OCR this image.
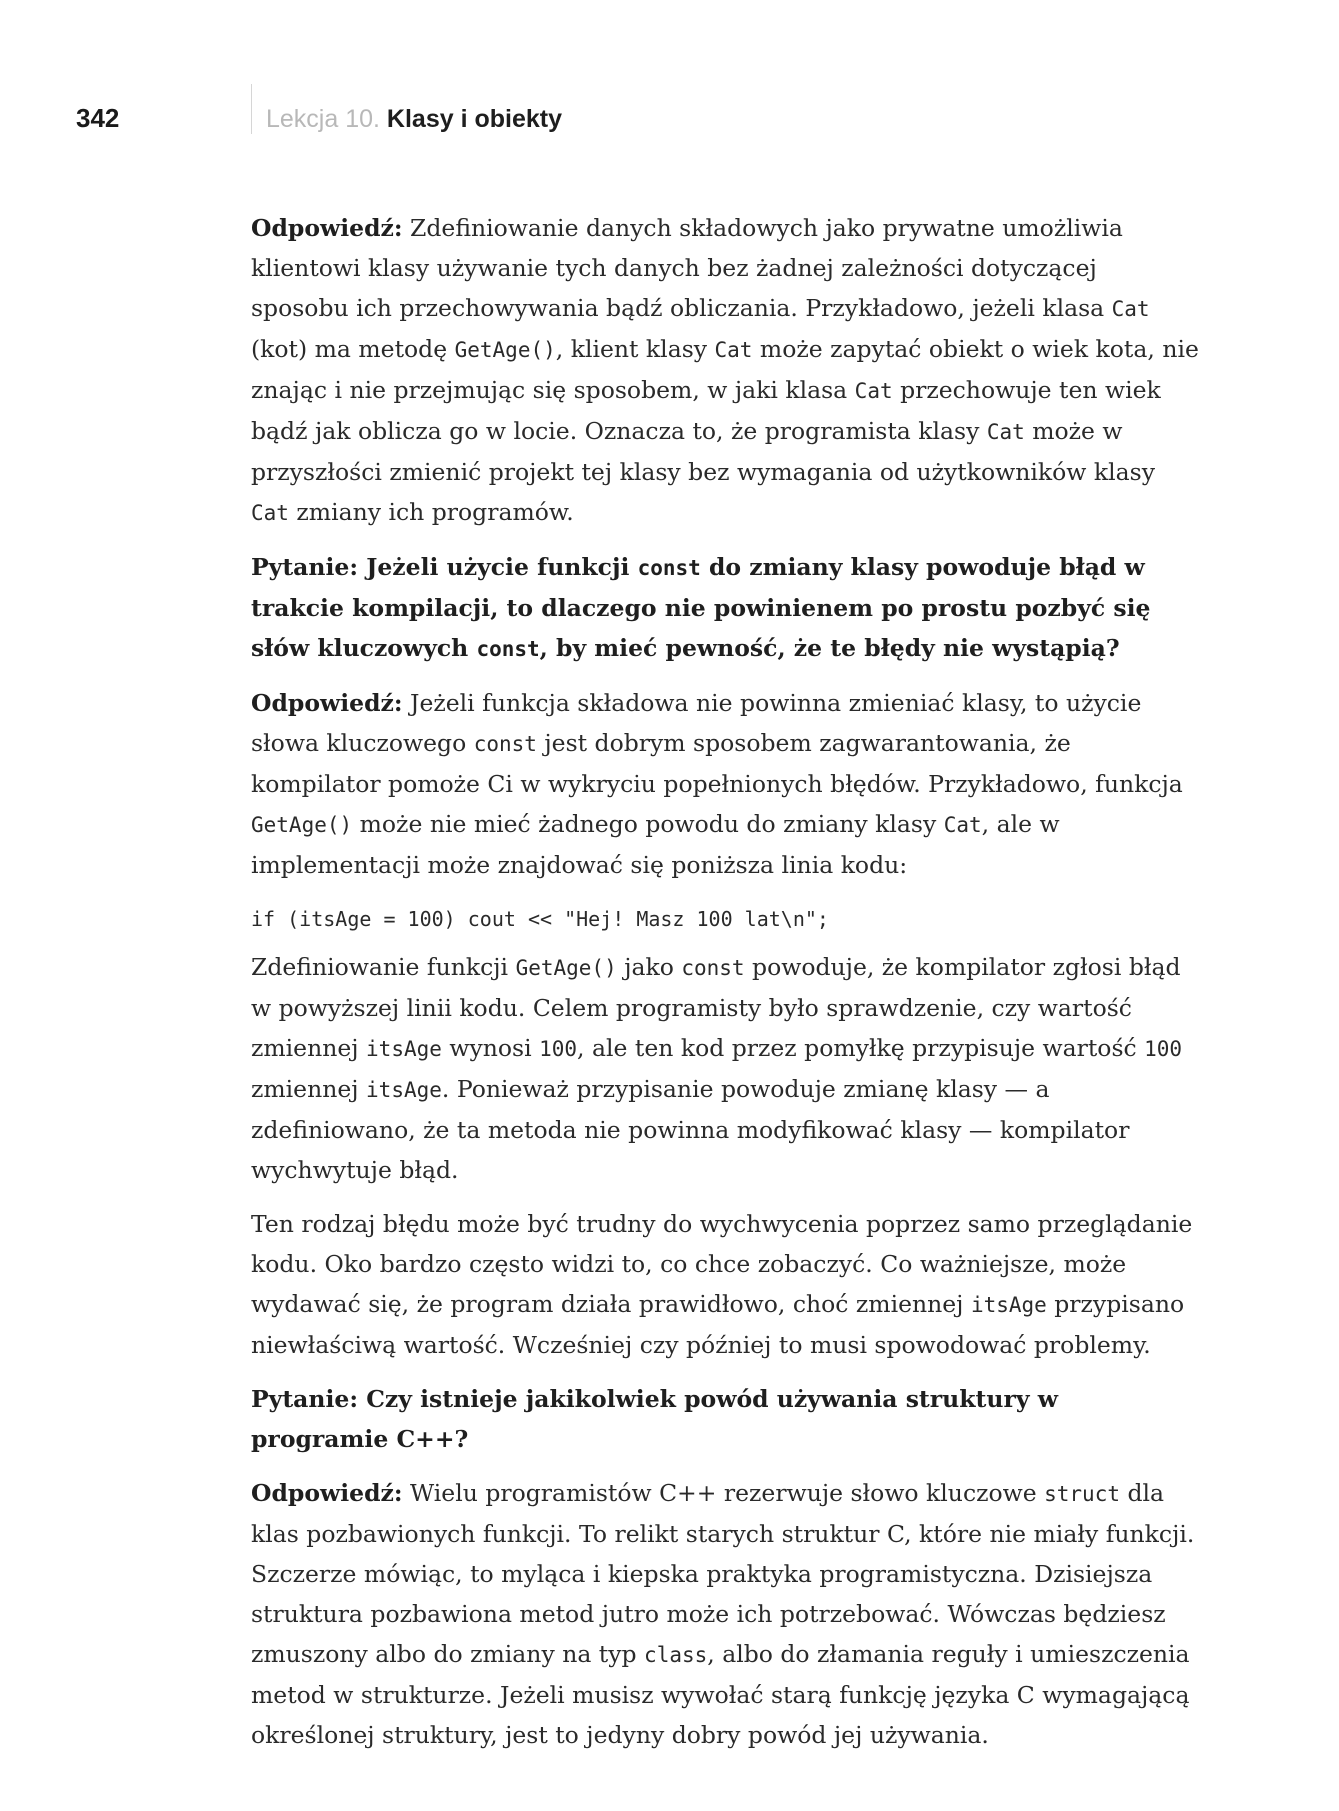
342	Lekcja 10. Klasy i obiekty

Odpowiedź: Zdefiniowanie danych składowych jako prywatne umożliwia klientowi klasy używanie tych danych bez żadnej zależności dotyczącej sposobu ich przechowywania bądź obliczania. Przykładowo, jeżeli klasa Cat (kot) ma metodę GetAge(), klient klasy Cat może zapytać obiekt o wiek kota, nie znając i nie przejmując się sposobem, w jaki klasa Cat przechowuje ten wiek bądź jak oblicza go w locie. Oznacza to, że programista klasy Cat może w przyszłości zmienić projekt tej klasy bez wymagania od użytkowników klasy Cat zmiany ich programów.

Pytanie: Jeżeli użycie funkcji const do zmiany klasy powoduje błąd w trakcie kompilacji, to dlaczego nie powinienem po prostu pozbyć się słów kluczowych const, by mieć pewność, że te błędy nie wystąpią?

Odpowiedź: Jeżeli funkcja składowa nie powinna zmieniać klasy, to użycie słowa kluczowego const jest dobrym sposobem zagwarantowania, że kompilator pomoże Ci w wykryciu popełnionych błędów. Przykładowo, funkcja GetAge() może nie mieć żadnego powodu do zmiany klasy Cat, ale w implementacji może znajdować się poniższa linia kodu:

if (itsAge = 100) cout << "Hej! Masz 100 lat\n";

Zdefiniowanie funkcji GetAge() jako const powoduje, że kompilator zgłosi błąd w powyższej linii kodu. Celem programisty było sprawdzenie, czy wartość zmiennej itsAge wynosi 100, ale ten kod przez pomyłkę przypisuje wartość 100 zmiennej itsAge. Ponieważ przypisanie powoduje zmianę klasy — a zdefiniowano, że ta metoda nie powinna modyfikować klasy — kompilator wychwytuje błąd.

Ten rodzaj błędu może być trudny do wychwycenia poprzez samo przeglądanie kodu. Oko bardzo często widzi to, co chce zobaczyć. Co ważniejsze, może wydawać się, że program działa prawidłowo, choć zmiennej itsAge przypisano niewłaściwą wartość. Wcześniej czy później to musi spowodować problemy.

Pytanie: Czy istnieje jakikolwiek powód używania struktury w programie C++?

Odpowiedź: Wielu programistów C++ rezerwuje słowo kluczowe struct dla klas pozbawionych funkcji. To relikt starych struktur C, które nie miały funkcji. Szczerze mówiąc, to myląca i kiepska praktyka programistyczna. Dzisiejsza struktura pozbawiona metod jutro może ich potrzebować. Wówczas będziesz zmuszony albo do zmiany na typ class, albo do złamania reguły i umieszczenia metod w strukturze. Jeżeli musisz wywołać starą funkcję języka C wymagającą określonej struktury, jest to jedyny dobry powód jej używania.
